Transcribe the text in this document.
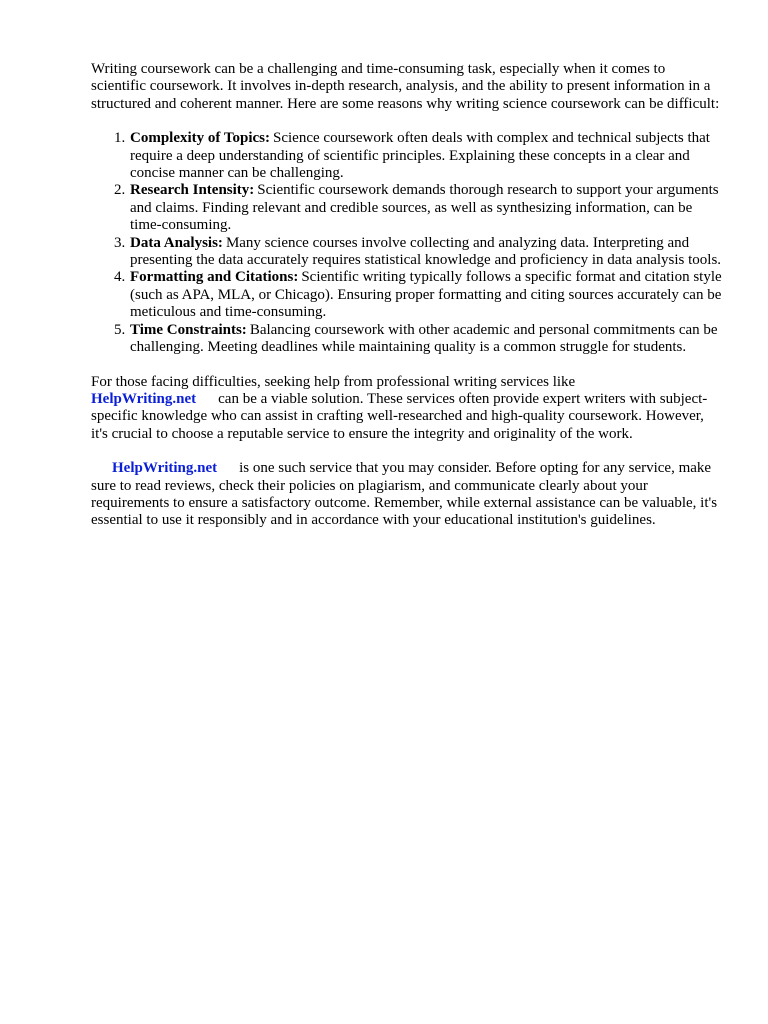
Writing coursework can be a challenging and time-consuming task, especially when it comes to scientific coursework. It involves in-depth research, analysis, and the ability to present information in a structured and coherent manner. Here are some reasons why writing science coursework can be difficult:

1. Complexity of Topics: Science coursework often deals with complex and technical subjects that require a deep understanding of scientific principles. Explaining these concepts in a clear and concise manner can be challenging.
2. Research Intensity: Scientific coursework demands thorough research to support your arguments and claims. Finding relevant and credible sources, as well as synthesizing information, can be time-consuming.
3. Data Analysis: Many science courses involve collecting and analyzing data. Interpreting and presenting the data accurately requires statistical knowledge and proficiency in data analysis tools.
4. Formatting and Citations: Scientific writing typically follows a specific format and citation style (such as APA, MLA, or Chicago). Ensuring proper formatting and citing sources accurately can be meticulous and time-consuming.
5. Time Constraints: Balancing coursework with other academic and personal commitments can be challenging. Meeting deadlines while maintaining quality is a common struggle for students.

For those facing difficulties, seeking help from professional writing services like
HelpWriting.net can be a viable solution. These services often provide expert writers with subject-specific knowledge who can assist in crafting well-researched and high-quality coursework. However, it's crucial to choose a reputable service to ensure the integrity and originality of the work.

HelpWriting.net is one such service that you may consider. Before opting for any service, make sure to read reviews, check their policies on plagiarism, and communicate clearly about your requirements to ensure a satisfactory outcome. Remember, while external assistance can be valuable, it's essential to use it responsibly and in accordance with your educational institution's guidelines.
